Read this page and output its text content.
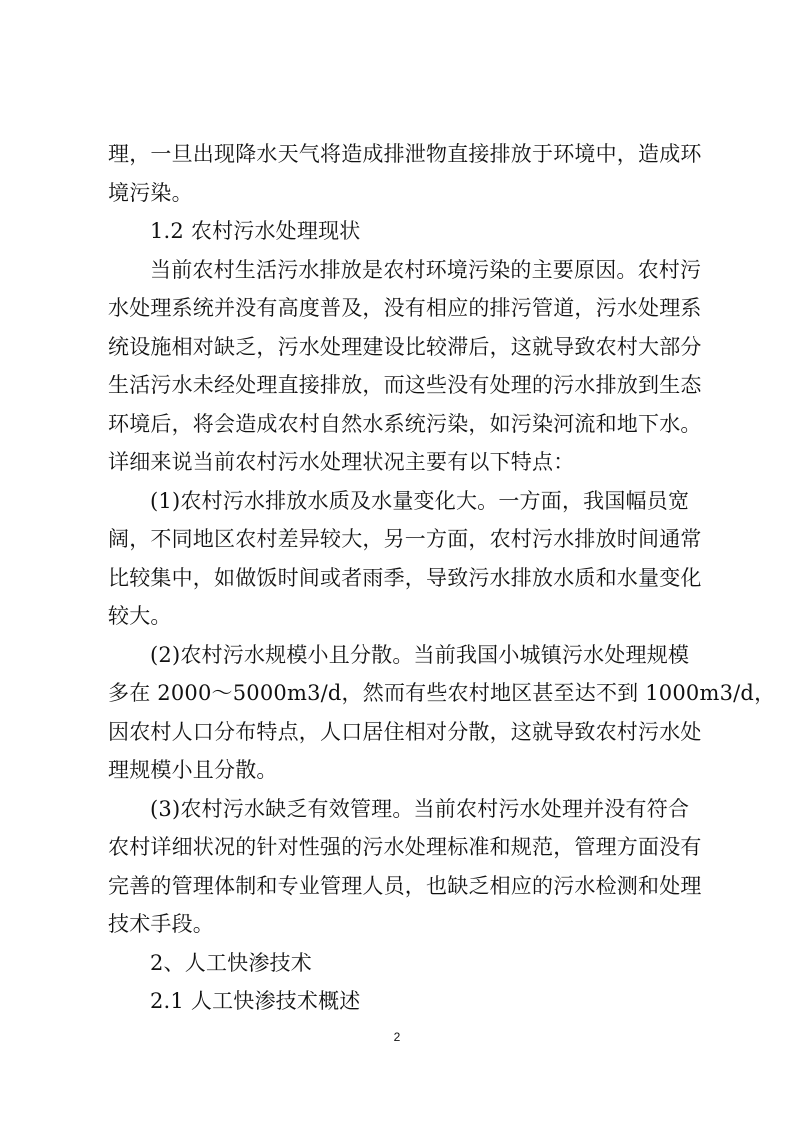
理，一旦出现降水天气将造成排泄物直接排放于环境中，造成环
境污染。
1.2 农村污水处理现状
当前农村生活污水排放是农村环境污染的主要原因。农村污
水处理系统并没有高度普及，没有相应的排污管道，污水处理系
统设施相对缺乏，污水处理建设比较滞后，这就导致农村大部分
生活污水未经处理直接排放，而这些没有处理的污水排放到生态
环境后，将会造成农村自然水系统污染，如污染河流和地下水。
详细来说当前农村污水处理状况主要有以下特点：
(1)农村污水排放水质及水量变化大。一方面，我国幅员宽
阔，不同地区农村差异较大，另一方面，农村污水排放时间通常
比较集中，如做饭时间或者雨季，导致污水排放水质和水量变化
较大。
(2)农村污水规模小且分散。当前我国小城镇污水处理规模
多在 2000～5000m3/d，然而有些农村地区甚至达不到 1000m3/d，
因农村人口分布特点，人口居住相对分散，这就导致农村污水处
理规模小且分散。
(3)农村污水缺乏有效管理。当前农村污水处理并没有符合
农村详细状况的针对性强的污水处理标准和规范，管理方面没有
完善的管理体制和专业管理人员，也缺乏相应的污水检测和处理
技术手段。
2、人工快渗技术
2.1 人工快渗技术概述
2
